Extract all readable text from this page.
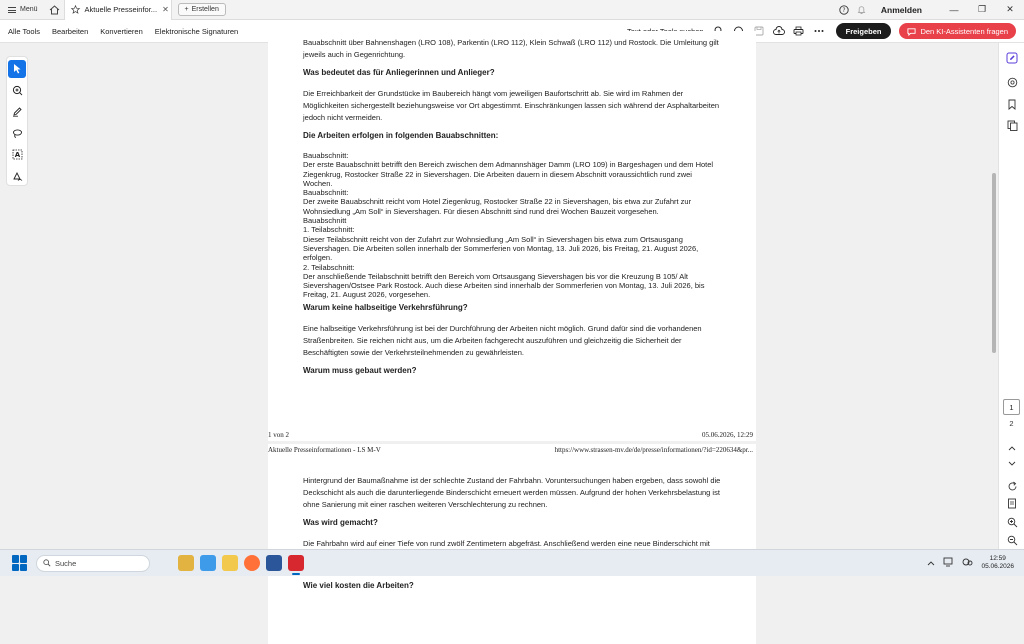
Menü	Aktuelle Presseinfor... ✕ + Erstellen	?	Anmelden	—	❐	✕
Alle Tools	Bearbeiten	Konvertieren	Elektronische Signaturen	Freigeben	Den KI-Assistenten fragen
A

Bauabschnitt über Bahnenshagen (LRO 108), Parkentin (LRO 112), Klein Schwaß (LRO 112) und Rostock. Die Umleitung gilt jeweils auch in Gegenrichtung.

Was bedeutet das für Anliegerinnen und Anlieger?

Die Erreichbarkeit der Grundstücke im Baubereich hängt vom jeweiligen Baufortschritt ab. Sie wird im Rahmen der Möglichkeiten sichergestellt beziehungsweise vor Ort abgestimmt. Einschränkungen lassen sich während der Asphaltarbeiten jedoch nicht vermeiden.

Die Arbeiten erfolgen in folgenden Bauabschnitten:
Bauabschnitt:
Der erste Bauabschnitt betrifft den Bereich zwischen dem Admannshäger Damm (LRO 109) in Bargeshagen und dem Hotel Ziegenkrug, Rostocker Straße 22 in Sievershagen. Die Arbeiten dauern in diesem Abschnitt voraussichtlich rund zwei Wochen.
Bauabschnitt:
Der zweite Bauabschnitt reicht vom Hotel Ziegenkrug, Rostocker Straße 22 in Sievershagen, bis etwa zur Zufahrt zur Wohnsiedlung „Am Soll“ in Sievershagen. Für diesen Abschnitt sind rund drei Wochen Bauzeit vorgesehen.
Bauabschnitt
1. Teilabschnitt:
Dieser Teilabschnitt reicht von der Zufahrt zur Wohnsiedlung „Am Soll“ in Sievershagen bis etwa zum Ortsausgang Sievershagen. Die Arbeiten sollen innerhalb der Sommerferien von Montag, 13. Juli 2026, bis Freitag, 21. August 2026, erfolgen.
2. Teilabschnitt:
Der anschließende Teilabschnitt betrifft den Bereich vom Ortsausgang Sievershagen bis vor die Kreuzung B 105/ Alt Sievershagen/Ostsee Park Rostock. Auch diese Arbeiten sind innerhalb der Sommerferien von Montag, 13. Juli 2026, bis Freitag, 21. August 2026, vorgesehen.
Warum keine halbseitige Verkehrsführung?

Eine halbseitige Verkehrsführung ist bei der Durchführung der Arbeiten nicht möglich. Grund dafür sind die vorhandenen Straßenbreiten. Sie reichen nicht aus, um die Arbeiten fachgerecht auszuführen und gleichzeitig die Sicherheit der Beschäftigten sowie der Verkehrsteilnehmenden zu gewährleisten.

Warum muss gebaut werden?
1 von 2	05.06.2026, 12:29
Aktuelle Presseinformationen - LS M-V	https://www.strassen-mv.de/de/presse/informationen/?id=220634&pr...

Hintergrund der Baumaßnahme ist der schlechte Zustand der Fahrbahn. Voruntersuchungen haben ergeben, dass sowohl die Deckschicht als auch die darunterliegende Binderschicht erneuert werden müssen. Aufgrund der hohen Verkehrsbelastung ist ohne Sanierung mit einer raschen weiteren Verschlechterung zu rechnen.

Was wird gemacht?

Die Fahrbahn wird auf einer Tiefe von rund zwölf Zentimetern abgefräst. Anschließend werden eine neue Binderschicht mit

Wie viel kosten die Arbeiten?
1
2
Suche	12:59
05.06.2026
